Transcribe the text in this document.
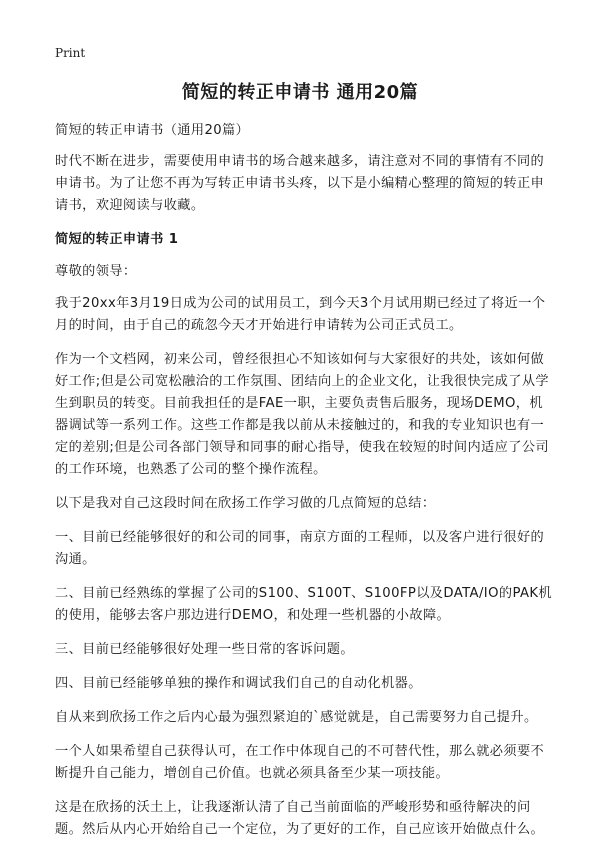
Print
简短的转正申请书 通用20篇

简短的转正申请书（通用20篇）

时代不断在进步，需要使用申请书的场合越来越多，请注意对不同的事情有不同的申请书。为了让您不再为写转正申请书头疼，以下是小编精心整理的简短的转正申请书，欢迎阅读与收藏。

简短的转正申请书 1

尊敬的领导：

我于20xx年3月19日成为公司的试用员工，到今天3个月试用期已经过了将近一个月的时间，由于自己的疏忽今天才开始进行申请转为公司正式员工。

作为一个文档网，初来公司，曾经很担心不知该如何与大家很好的共处，该如何做好工作;但是公司宽松融洽的工作氛围、团结向上的企业文化，让我很快完成了从学生到职员的转变。目前我担任的是FAE一职，主要负责售后服务，现场DEMO，机器调试等一系列工作。这些工作都是我以前从未接触过的，和我的专业知识也有一定的差别;但是公司各部门领导和同事的耐心指导，使我在较短的时间内适应了公司的工作环境，也熟悉了公司的整个操作流程。

以下是我对自己这段时间在欣扬工作学习做的几点简短的总结：

一、目前已经能够很好的和公司的同事，南京方面的工程师，以及客户进行很好的沟通。

二、目前已经熟练的掌握了公司的S100、S100T、S100FP以及DATA/IO的PAK机的使用，能够去客户那边进行DEMO，和处理一些机器的小故障。

三、目前已经能够很好处理一些日常的客诉问题。

四、目前已经能够单独的操作和调试我们自己的自动化机器。

自从来到欣扬工作之后内心最为强烈紧迫的`感觉就是，自己需要努力自己提升。

一个人如果希望自己获得认可，在工作中体现自己的不可替代性，那么就必须要不断提升自己能力，增创自己价值。也就必须具备至少某一项技能。

这是在欣扬的沃土上，让我逐渐认清了自己当前面临的严峻形势和亟待解决的问题。然后从内心开始给自己一个定位，为了更好的工作，自己应该开始做点什么。
